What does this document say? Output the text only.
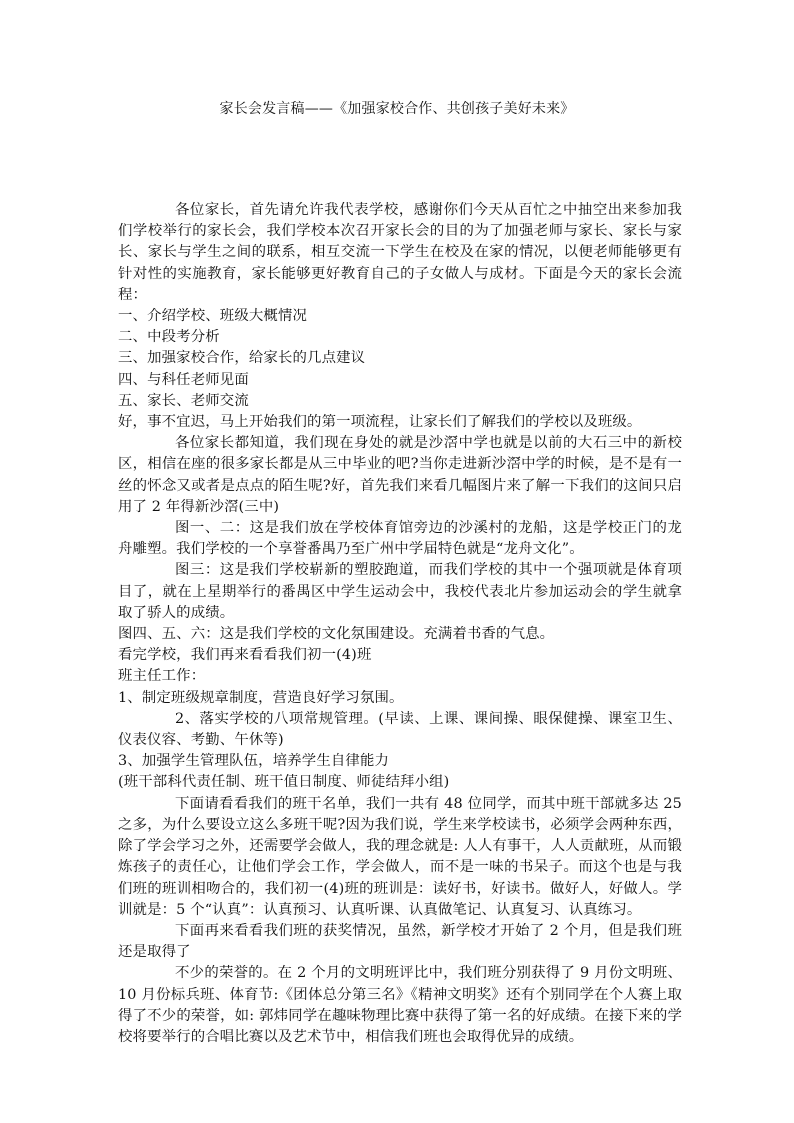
家长会发言稿——《加强家校合作、共创孩子美好未来》

各位家长，首先请允许我代表学校，感谢你们今天从百忙之中抽空出来参加我们学校举行的家长会，我们学校本次召开家长会的目的为了加强老师与家长、家长与家长、家长与学生之间的联系，相互交流一下学生在校及在家的情况，以便老师能够更有针对性的实施教育，家长能够更好教育自己的子女做人与成材。下面是今天的家长会流程：

一、介绍学校、班级大概情况

二、中段考分析

三、加强家校合作，给家长的几点建议

四、与科任老师见面

五、家长、老师交流

好，事不宜迟，马上开始我们的第一项流程，让家长们了解我们的学校以及班级。

各位家长都知道，我们现在身处的就是沙滘中学也就是以前的大石三中的新校区，相信在座的很多家长都是从三中毕业的吧?当你走进新沙滘中学的时候，是不是有一丝的怀念又或者是点点的陌生呢?好，首先我们来看几幅图片来了解一下我们的这间只启用了 2 年得新沙滘(三中)

图一、二：这是我们放在学校体育馆旁边的沙溪村的龙船，这是学校正门的龙舟雕塑。我们学校的一个享誉番禺乃至广州中学届特色就是“龙舟文化”。

图三：这是我们学校崭新的塑胶跑道，而我们学校的其中一个强项就是体育项目了，就在上星期举行的番禺区中学生运动会中，我校代表北片参加运动会的学生就拿取了骄人的成绩。

图四、五、六：这是我们学校的文化氛围建设。充满着书香的气息。

看完学校，我们再来看看我们初一(4)班

班主任工作：

1、制定班级规章制度，营造良好学习氛围。

2、落实学校的八项常规管理。(早读、上课、课间操、眼保健操、课室卫生、仪表仪容、考勤、午休等)

3、加强学生管理队伍，培养学生自律能力

(班干部科代责任制、班干值日制度、师徒结拜小组)

下面请看看我们的班干名单，我们一共有 48 位同学，而其中班干部就多达 25 之多，为什么要设立这么多班干呢?因为我们说，学生来学校读书，必须学会两种东西，除了学会学习之外，还需要学会做人，我的理念就是: 人人有事干，人人贡献班，从而锻炼孩子的责任心，让他们学会工作，学会做人，而不是一味的书呆子。而这个也是与我们班的班训相吻合的，我们初一(4)班的班训是：读好书，好读书。做好人，好做人。学训就是：5 个“认真”：认真预习、认真听课、认真做笔记、认真复习、认真练习。

下面再来看看我们班的获奖情况，虽然，新学校才开始了 2 个月，但是我们班还是取得了

不少的荣誉的。在 2 个月的文明班评比中，我们班分别获得了 9 月份文明班、10 月份标兵班、体育节:《团体总分第三名》《精神文明奖》还有个别同学在个人赛上取得了不少的荣誉，如: 郭炜同学在趣味物理比赛中获得了第一名的好成绩。在接下来的学校将要举行的合唱比赛以及艺术节中，相信我们班也会取得优异的成绩。
